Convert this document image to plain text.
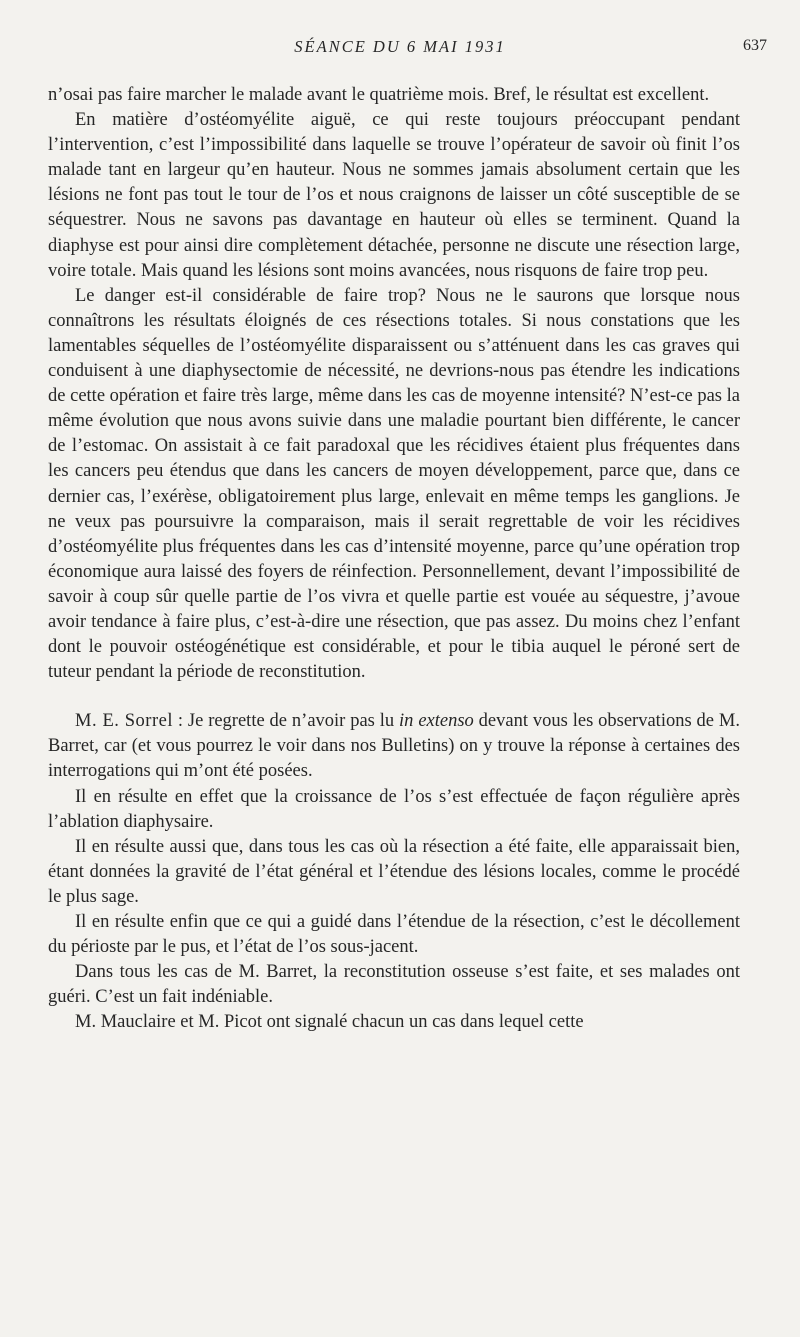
SÉANCE DU 6 MAI 1931	637

n’osai pas faire marcher le malade avant le quatrième mois. Bref, le résultat est excellent.

En matière d’ostéomyélite aiguë, ce qui reste toujours préoccupant pendant l’intervention, c’est l’impossibilité dans laquelle se trouve l’opérateur de savoir où finit l’os malade tant en largeur qu’en hauteur. Nous ne sommes jamais absolument certain que les lésions ne font pas tout le tour de l’os et nous craignons de laisser un côté susceptible de se séquestrer. Nous ne savons pas davantage en hauteur où elles se terminent. Quand la diaphyse est pour ainsi dire complètement détachée, personne ne discute une résection large, voire totale. Mais quand les lésions sont moins avancées, nous risquons de faire trop peu.

Le danger est-il considérable de faire trop? Nous ne le saurons que lorsque nous connaîtrons les résultats éloignés de ces résections totales. Si nous constations que les lamentables séquelles de l’ostéomyélite disparaissent ou s’atténuent dans les cas graves qui conduisent à une diaphysectomie de nécessité, ne devrions-nous pas étendre les indications de cette opération et faire très large, même dans les cas de moyenne intensité? N’est-ce pas la même évolution que nous avons suivie dans une maladie pourtant bien différente, le cancer de l’estomac. On assistait à ce fait paradoxal que les récidives étaient plus fréquentes dans les cancers peu étendus que dans les cancers de moyen développement, parce que, dans ce dernier cas, l’exérèse, obligatoirement plus large, enlevait en même temps les ganglions. Je ne veux pas poursuivre la comparaison, mais il serait regrettable de voir les récidives d’ostéomyélite plus fréquentes dans les cas d’intensité moyenne, parce qu’une opération trop économique aura laissé des foyers de réinfection. Personnellement, devant l’impossibilité de savoir à coup sûr quelle partie de l’os vivra et quelle partie est vouée au séquestre, j’avoue avoir tendance à faire plus, c’est-à-dire une résection, que pas assez. Du moins chez l’enfant dont le pouvoir ostéogénétique est considérable, et pour le tibia auquel le péroné sert de tuteur pendant la période de reconstitution.

M. E. Sorrel : Je regrette de n’avoir pas lu in extenso devant vous les observations de M. Barret, car (et vous pourrez le voir dans nos Bulletins) on y trouve la réponse à certaines des interrogations qui m’ont été posées.

Il en résulte en effet que la croissance de l’os s’est effectuée de façon régulière après l’ablation diaphysaire.

Il en résulte aussi que, dans tous les cas où la résection a été faite, elle apparaissait bien, étant données la gravité de l’état général et l’étendue des lésions locales, comme le procédé le plus sage.

Il en résulte enfin que ce qui a guidé dans l’étendue de la résection, c’est le décollement du périoste par le pus, et l’état de l’os sous-jacent.

Dans tous les cas de M. Barret, la reconstitution osseuse s’est faite, et ses malades ont guéri. C’est un fait indéniable.

M. Mauclaire et M. Picot ont signalé chacun un cas dans lequel cette
